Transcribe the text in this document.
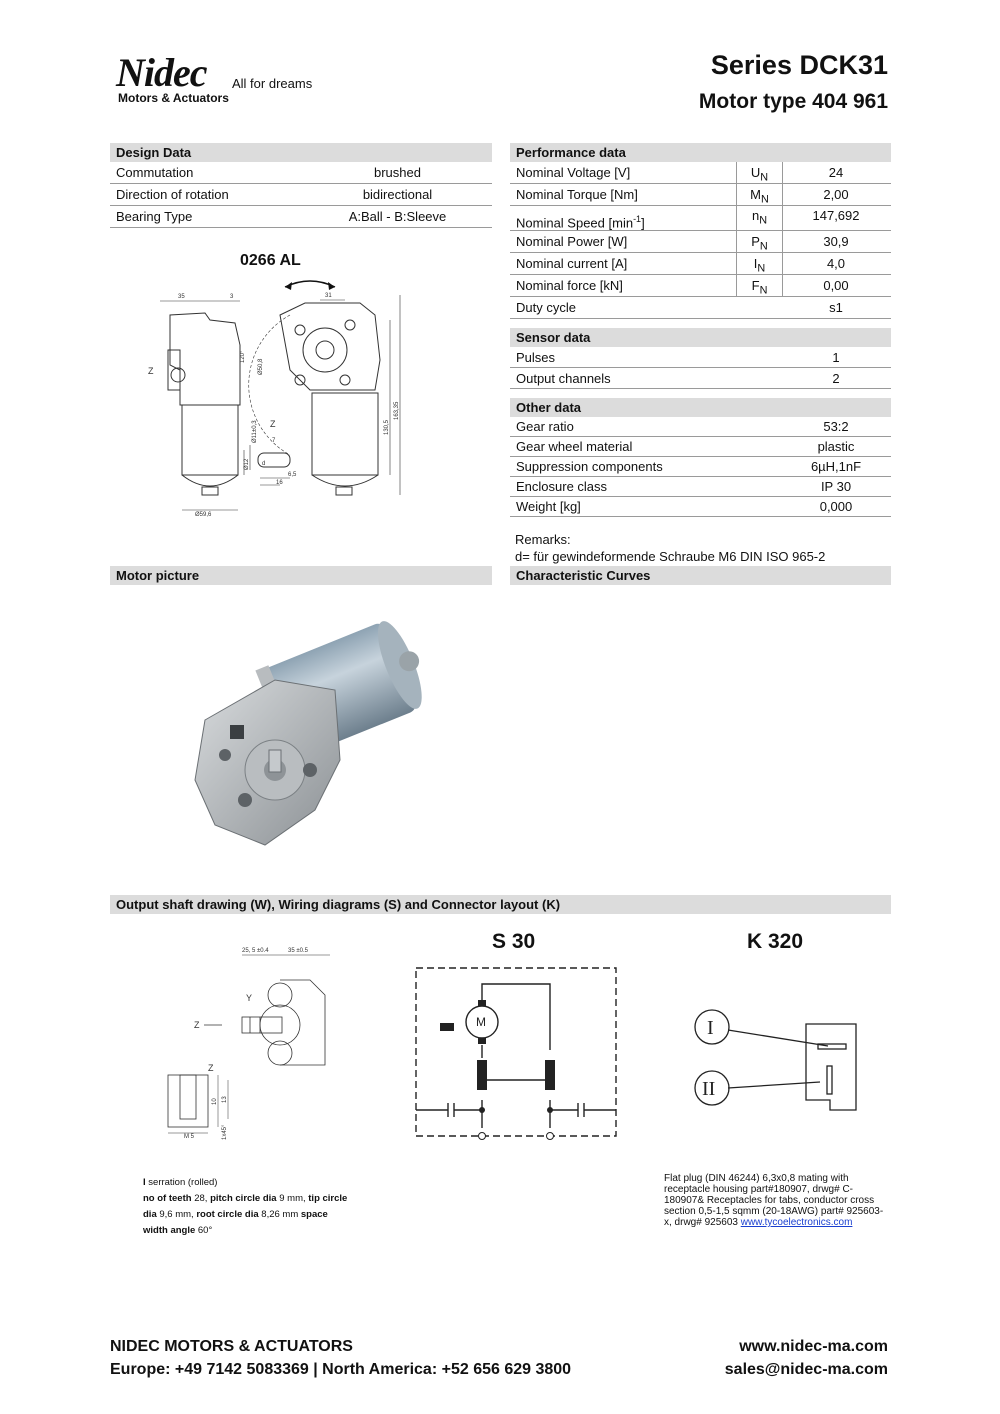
Nidec
Motors & Actuators
All for dreams
Series DCK31
Motor type 404 961
Design Data
Commutation	brushed
Direction of rotation	bidirectional
Bearing Type	A:Ball - B:Sleeve
0266 AL
35	3	31
120°
Ø50,8
130,5
163,35
Ø59,6
Ø11±0,3
Ø12 d
7
6,5
16
Z
Z
Performance data
Nominal Voltage [V]	$U_N$	24
Nominal Torque [Nm]	$M_N$	2,00
Nominal Speed $[\min^{-1}]$	$n_N$	147,692
Nominal Power [W]	$P_N$	30,9
Nominal current [A]	$I_N$	4,0
Nominal force [kN]	$F_N$	0,00
Duty cycle	s1
Sensor data
Pulses	1
Output channels	2
Other data
Gear ratio	53:2
Gear wheel material	plastic
Suppression components	6µH,1nF
Enclosure class	IP 30
Weight [kg]	0,000
Remarks:
d= für gewindeformende Schraube M6 DIN ISO 965-2
Motor picture	Characteristic Curves
Output shaft drawing (W), Wiring diagrams (S) and Connector layout (K)
25, 5 ±0.4	35 ±0.5
10 13
M 5	1x45°
Y
Z
Z
S 30
M
K 320
I
II
I serration (rolled)
no of teeth 28, pitch circle dia 9 mm, tip circle
dia 9,6 mm, root circle dia 8,26 mm space
width angle 60°
Flat plug (DIN 46244) 6,3x0,8 mating with receptacle housing part#180907, drwg# C-180907& Receptacles for tabs, conductor cross section 0,5-1,5 sqmm (20-18AWG) part# 925603-x, drwg# 925603 www.tycoelectronics.com
NIDEC MOTORS & ACTUATORS
Europe: +49 7142 5083369 | North America: +52 656 629 3800
www.nidec-ma.com
sales@nidec-ma.com
